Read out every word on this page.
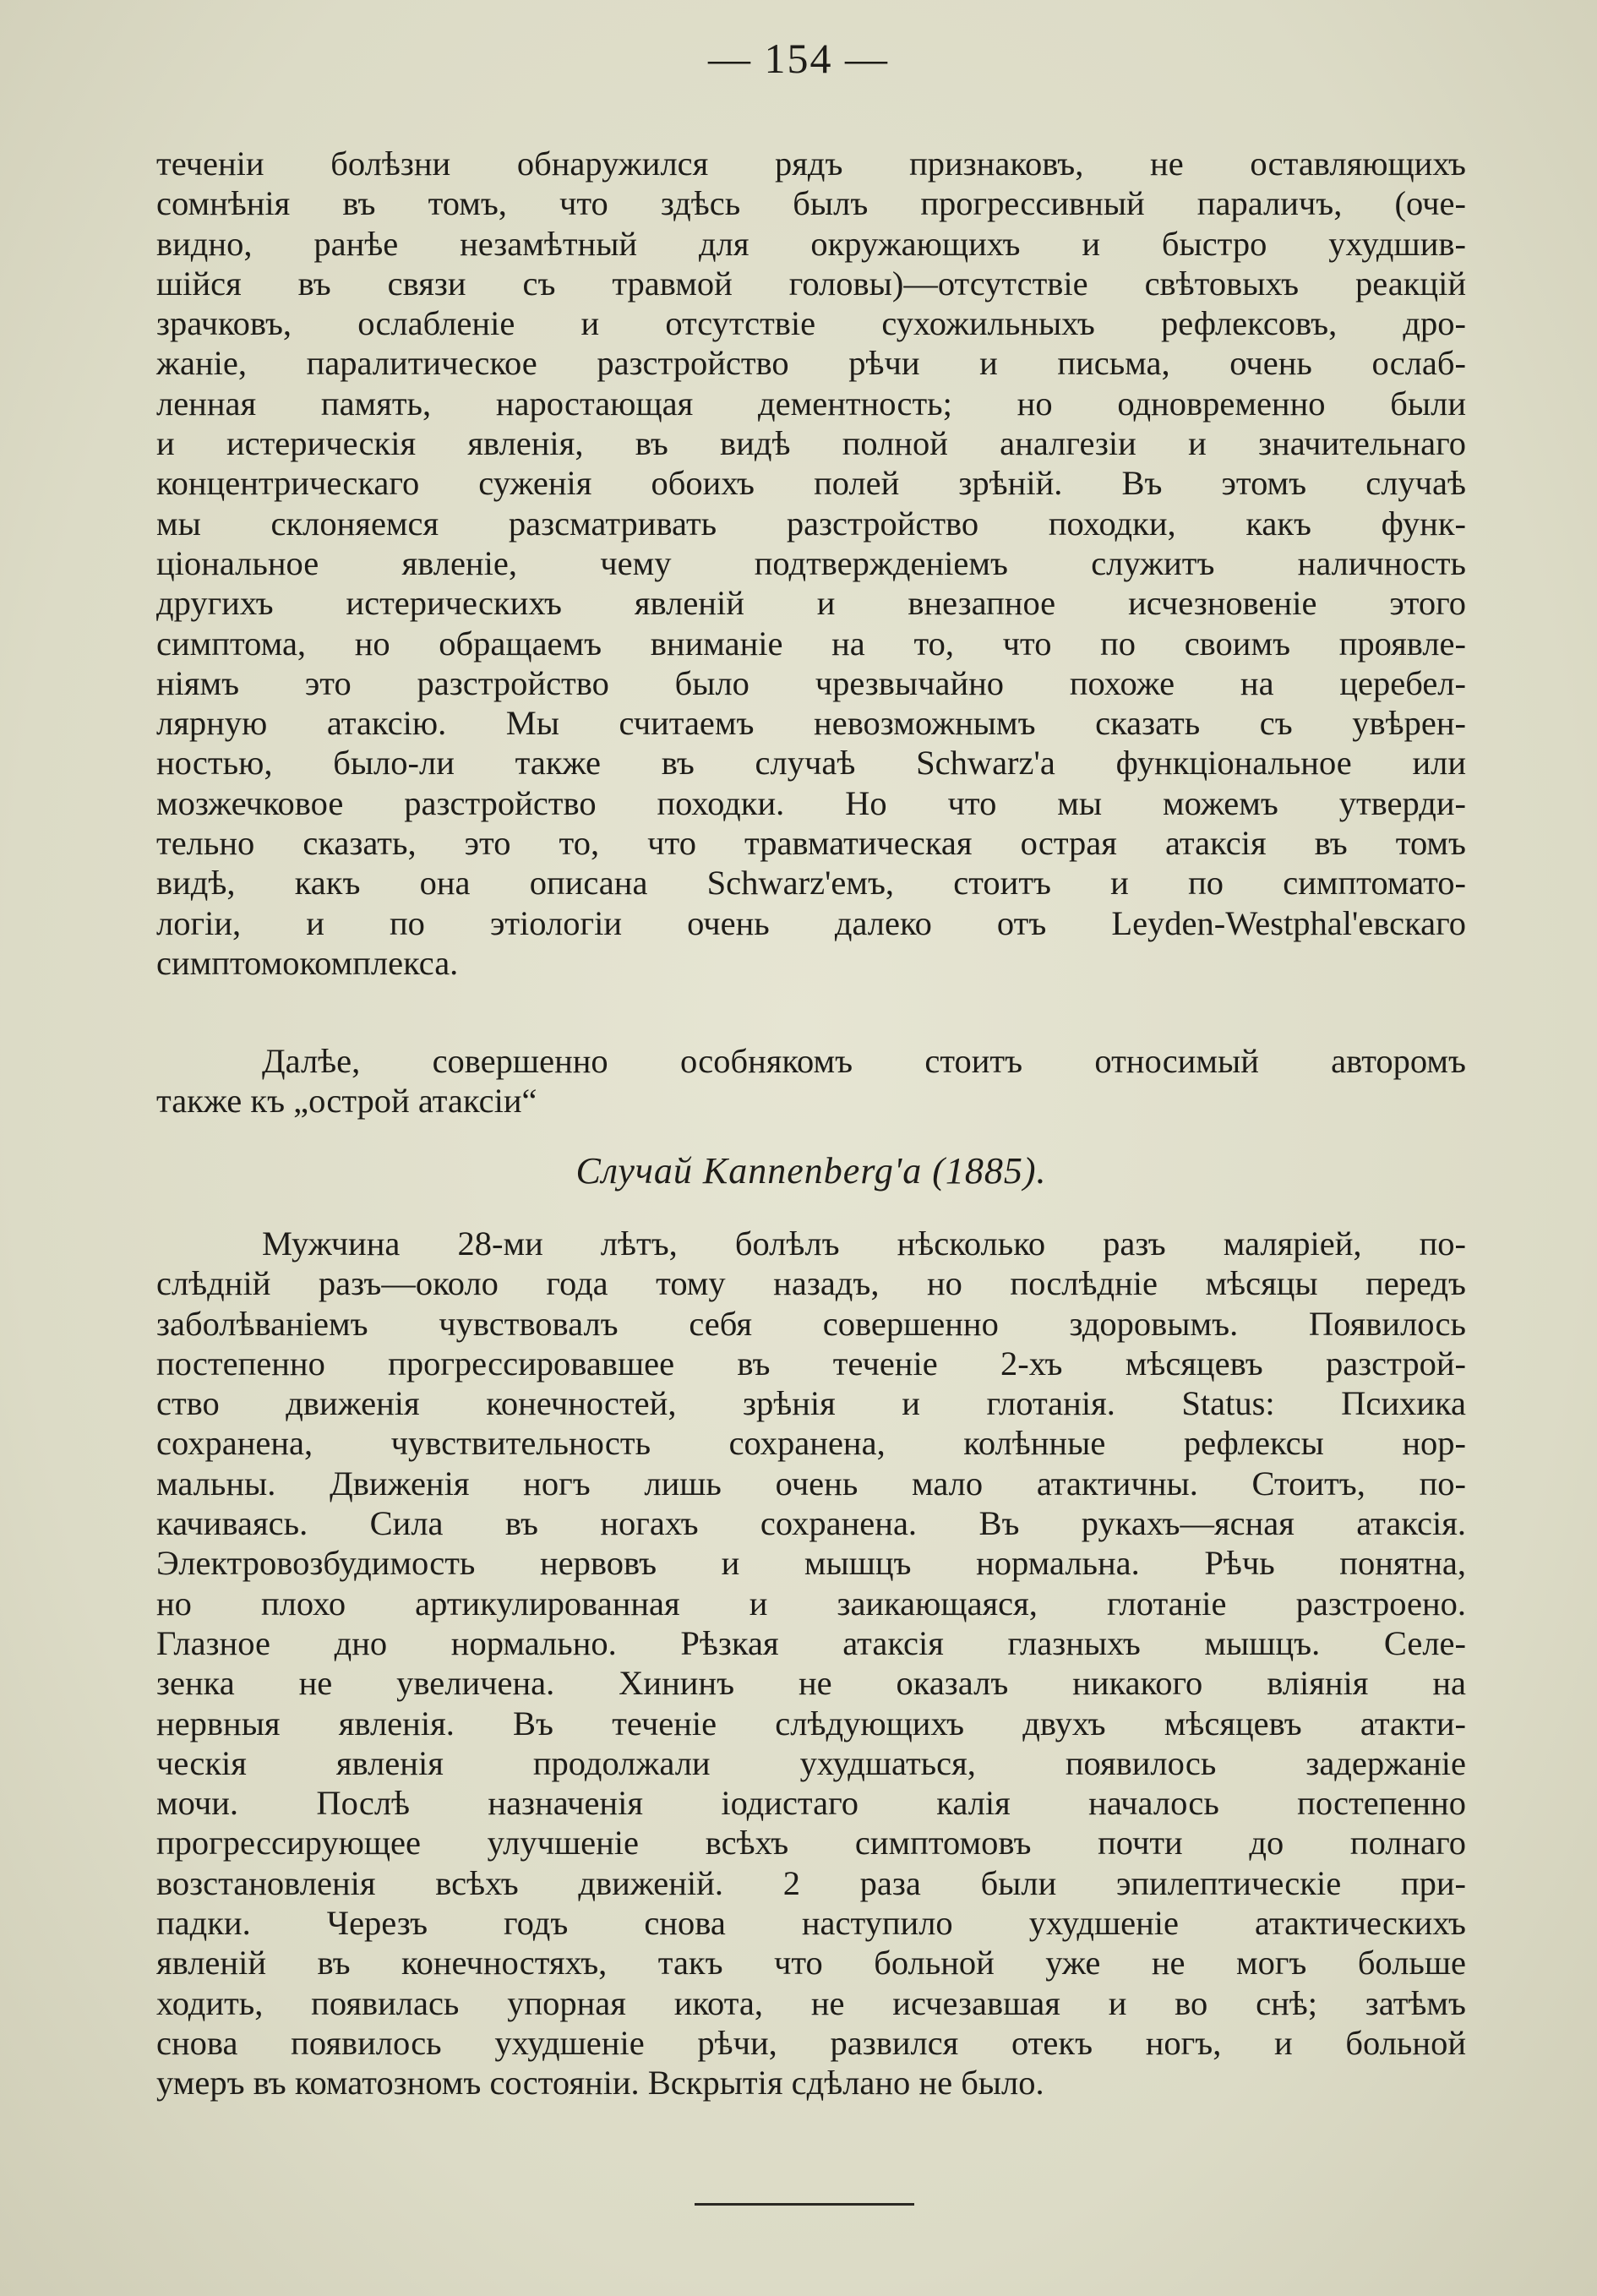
— 154 —
теченiи болѣзни обнаружился рядъ признаковъ, не оставляющихъ
сомнѣнія въ томъ, что здѣсь былъ прогрессивный параличъ, (оче-
видно, ранѣе незамѣтный для окружающихъ и быстро ухудшив-
шійся въ связи съ травмой головы)—отсутствіе свѣтовыхъ реакцій
зрачковъ, ослабленіе и отсутствіе сухожильныхъ рефлексовъ, дро-
жаніе, паралитическое разстройство рѣчи и письма, очень ослаб-
ленная память, наростающая дементность; но одновременно были
и истерическія явленія, въ видѣ полной аналгезіи и значительнаго
концентрическаго суженія обоихъ полей зрѣній. Въ этомъ случаѣ
мы склоняемся разсматривать разстройство походки, какъ функ-
ціональное явленіе, чему подтвержденіемъ служитъ наличность
другихъ истерическихъ явленій и внезапное исчезновеніе этого
симптома, но обращаемъ вниманіе на то, что по своимъ проявле-
ніямъ это разстройство было чрезвычайно похоже на церебел-
лярную атаксію. Мы считаемъ невозможнымъ сказать съ увѣрен-
ностью, было-ли также въ случаѣ Schwarz'а функціональное или
мозжечковое разстройство походки. Но что мы можемъ утверди-
тельно сказать, это то, что травматическая острая атаксія въ томъ
видѣ, какъ она описана Schwarz'емъ, стоитъ и по симптомато-
логіи, и по этіологіи очень далеко отъ Leyden-Westphal'евскаго
симптомокомплекса.
Далѣе, совершенно особнякомъ стоитъ относимый авторомъ
также къ „острой атаксіи“
Случай Kannenberg'a (1885).
Мужчина 28-ми лѣтъ, болѣлъ нѣсколько разъ маляріей, по-
слѣдній разъ—около года тому назадъ, но послѣдніе мѣсяцы передъ
заболѣваніемъ чувствовалъ себя совершенно здоровымъ. Появилось
постепенно прогрессировавшее въ теченіе 2-хъ мѣсяцевъ разстрой-
ство движенія конечностей, зрѣнія и глотанія. Status: Психика
сохранена, чувствительность сохранена, колѣнные рефлексы нор-
мальны. Движенія ногъ лишь очень мало атактичны. Стоитъ, по-
качиваясь. Сила въ ногахъ сохранена. Въ рукахъ—ясная атаксія.
Электровозбудимость нервовъ и мышцъ нормальна. Рѣчь понятна,
но плохо артикулированная и заикающаяся, глотаніе разстроено.
Глазное дно нормально. Рѣзкая атаксія глазныхъ мышцъ. Селе-
зенка не увеличена. Хининъ не оказалъ никакого вліянія на
нервныя явленія. Въ теченіе слѣдующихъ двухъ мѣсяцевъ атакти-
ческія явленія продолжали ухудшаться, появилось задержаніе
мочи. Послѣ назначенія іодистаго калія началось постепенно
прогрессирующее улучшеніе всѣхъ симптомовъ почти до полнаго
возстановленія всѣхъ движеній. 2 раза были эпилептическіе при-
падки. Черезъ годъ снова наступило ухудшеніе атактическихъ
явленій въ конечностяхъ, такъ что больной уже не могъ больше
ходить, появилась упорная икота, не исчезавшая и во снѣ; затѣмъ
снова появилось ухудшеніе рѣчи, развился отекъ ногъ, и больной
умеръ въ коматозномъ состояніи. Вскрытія сдѣлано не было.
